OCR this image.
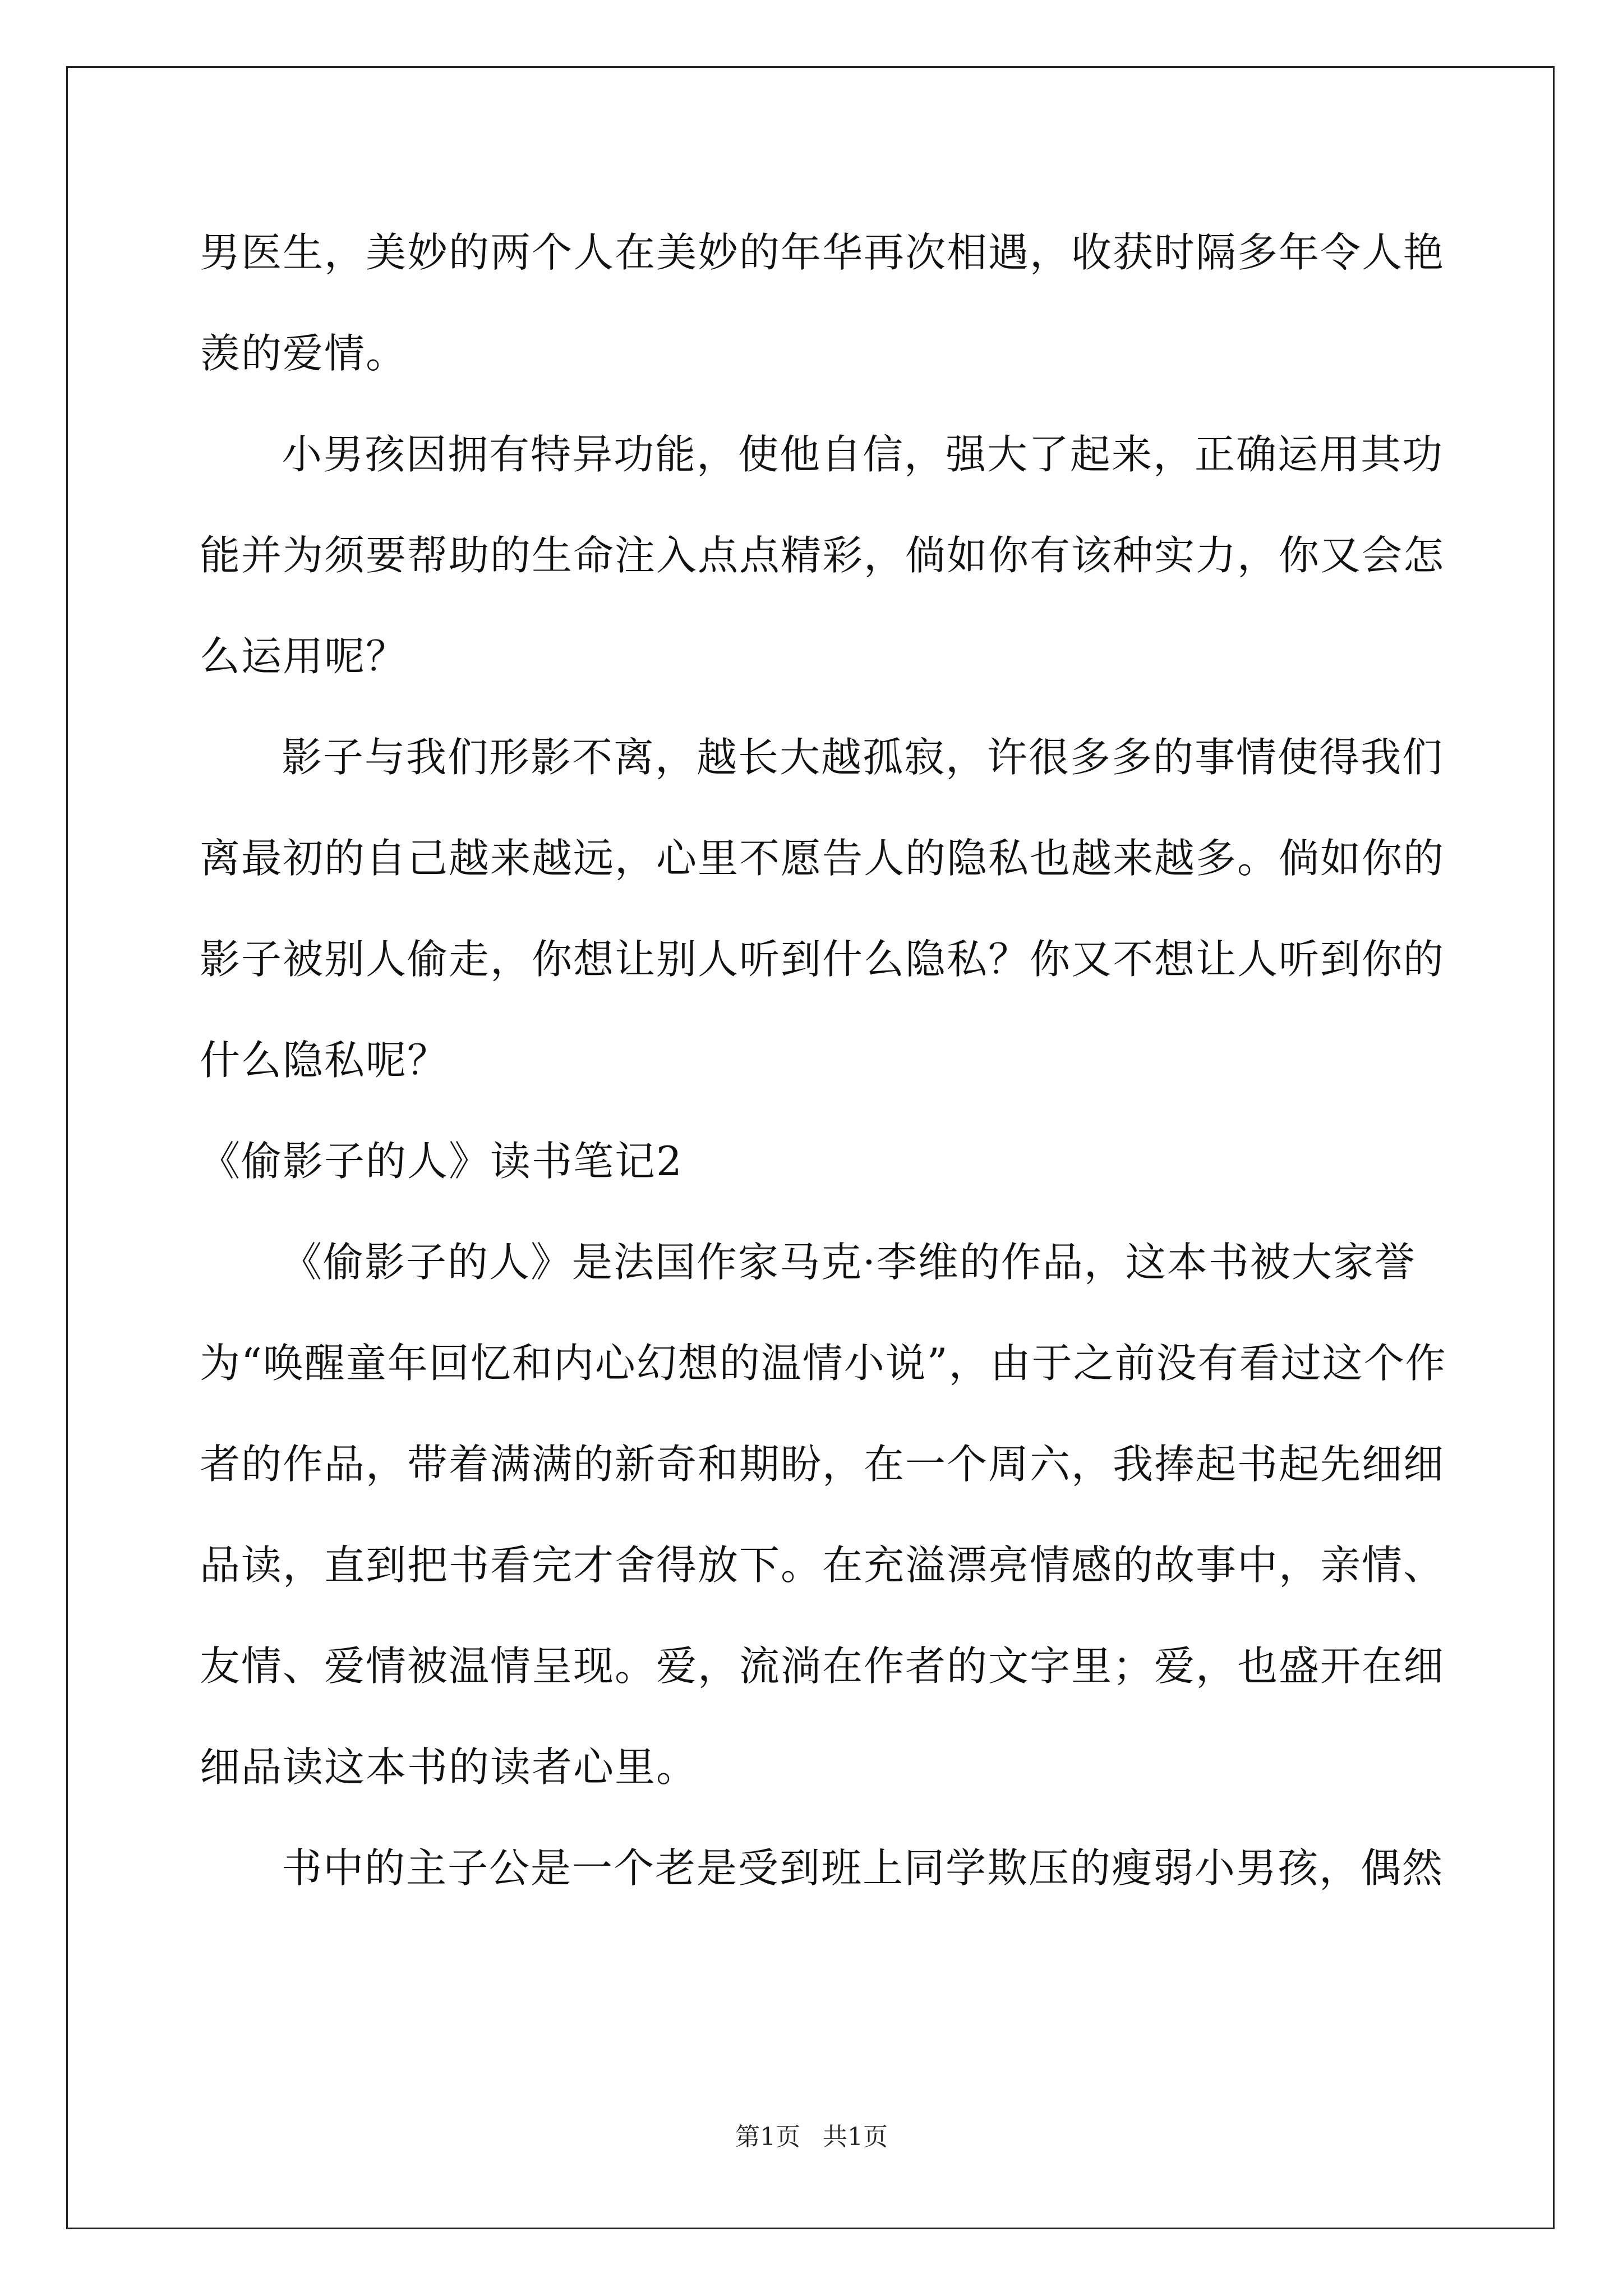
男医生，美妙的两个人在美妙的年华再次相遇，收获时隔多年令人艳
羡的爱情。
小男孩因拥有特异功能，使他自信，强大了起来，正确运用其功
能并为须要帮助的生命注入点点精彩，倘如你有该种实力，你又会怎
么运用呢？
影子与我们形影不离，越长大越孤寂，许很多多的事情使得我们
离最初的自己越来越远，心里不愿告人的隐私也越来越多。倘如你的
影子被别人偷走，你想让别人听到什么隐私？你又不想让人听到你的
什么隐私呢？
《偷影子的人》读书笔记2
《偷影子的人》是法国作家马克·李维的作品，这本书被大家誉
为“唤醒童年回忆和内心幻想的温情小说”，由于之前没有看过这个作
者的作品，带着满满的新奇和期盼，在一个周六，我捧起书起先细细
品读，直到把书看完才舍得放下。在充溢漂亮情感的故事中，亲情、
友情、爱情被温情呈现。爱，流淌在作者的文字里；爱，也盛开在细
细品读这本书的读者心里。
书中的主子公是一个老是受到班上同学欺压的瘦弱小男孩，偶然
第1页 共1页
